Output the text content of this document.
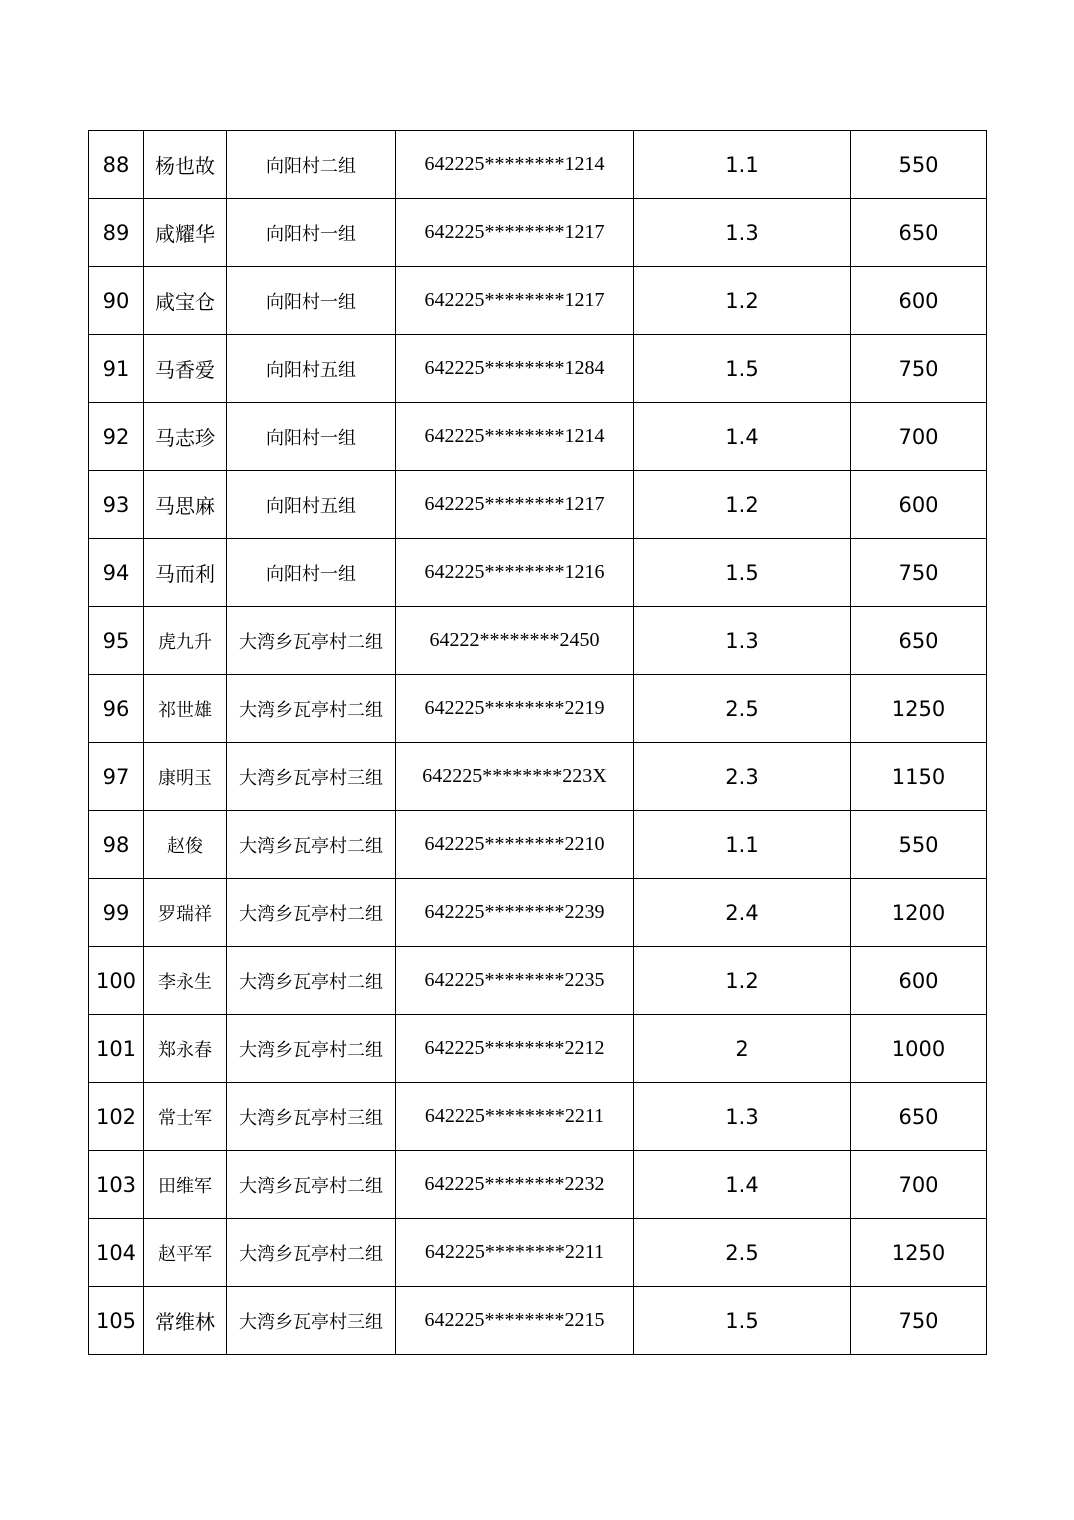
88	杨也故	向阳村二组	642225********1214	1.1	550
89	咸耀华	向阳村一组	642225********1217	1.3	650
90	咸宝仓	向阳村一组	642225********1217	1.2	600
91	马香爱	向阳村五组	642225********1284	1.5	750
92	马志珍	向阳村一组	642225********1214	1.4	700
93	马思麻	向阳村五组	642225********1217	1.2	600
94	马而利	向阳村一组	642225********1216	1.5	750
95	虎九升	大湾乡瓦亭村二组	64222********2450	1.3	650
96	祁世雄	大湾乡瓦亭村二组	642225********2219	2.5	1250
97	康明玉	大湾乡瓦亭村三组	642225********223X	2.3	1150
98	赵俊	大湾乡瓦亭村二组	642225********2210	1.1	550
99	罗瑞祥	大湾乡瓦亭村二组	642225********2239	2.4	1200
100	李永生	大湾乡瓦亭村二组	642225********2235	1.2	600
101	郑永春	大湾乡瓦亭村二组	642225********2212	2	1000
102	常士军	大湾乡瓦亭村三组	642225********2211	1.3	650
103	田维军	大湾乡瓦亭村二组	642225********2232	1.4	700
104	赵平军	大湾乡瓦亭村二组	642225********2211	2.5	1250
105	常维林	大湾乡瓦亭村三组	642225********2215	1.5	750
